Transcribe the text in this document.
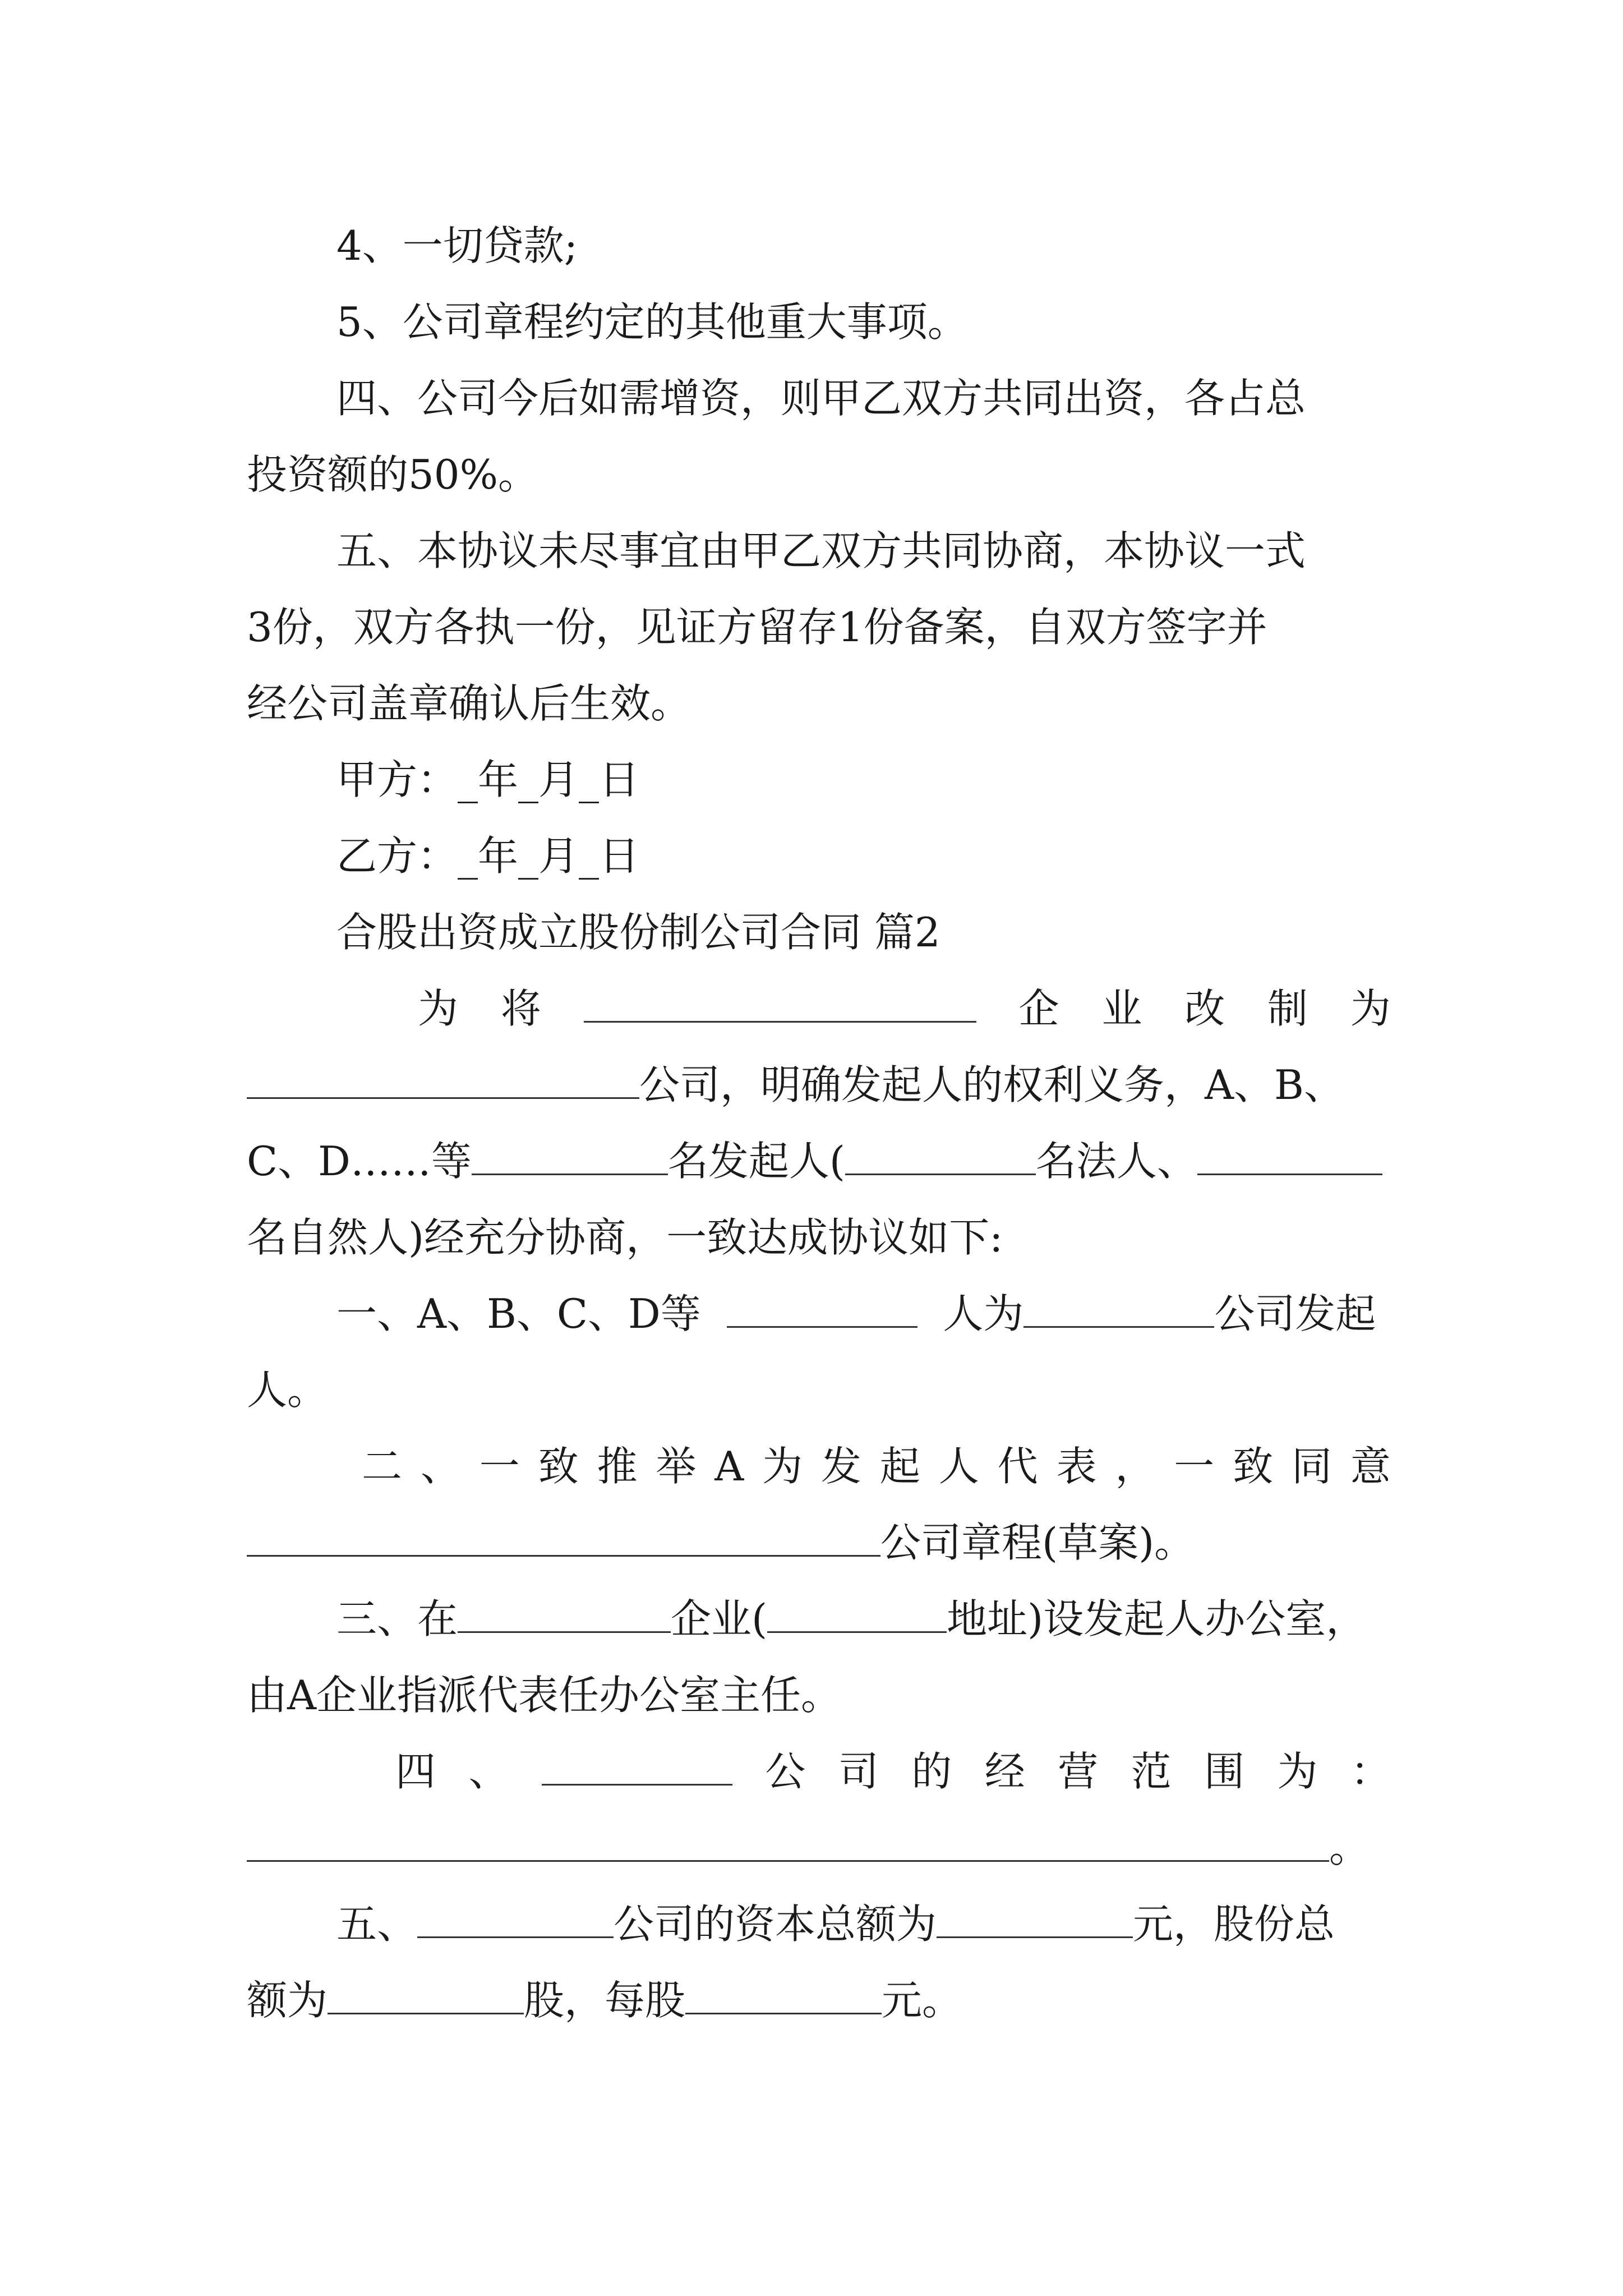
4、一切贷款;
5、公司章程约定的其他重大事项。
四、公司今后如需增资，则甲乙双方共同出资，各占总
投资额的50%。
五、本协议未尽事宜由甲乙双方共同协商，本协议一式
3份，双方各执一份，见证方留存1份备案，自双方签字并
经公司盖章确认后生效。
甲方：_年_月_日
乙方：_年_月_日
合股出资成立股份制公司合同 篇2
为 将	企 业 改 制 为
公司，明确发起人的权利义务，A、B、
C、D……等	名发起人(	名法人、
名自然人)经充分协商，一致达成协议如下:
一、A、B、C、D等	人为	公司发起
人。
二 、 一 致 推 举 A 为 发 起 人 代 表 ， 一 致 同 意
公司章程(草案)。
三、在	企业(	地址)设发起人办公室，
由A企业指派代表任办公室主任。
四 、	公 司 的 经 营 范 围 为 ：
。
五、	公司的资本总额为	元，股份总
额为	股，每股	元。
